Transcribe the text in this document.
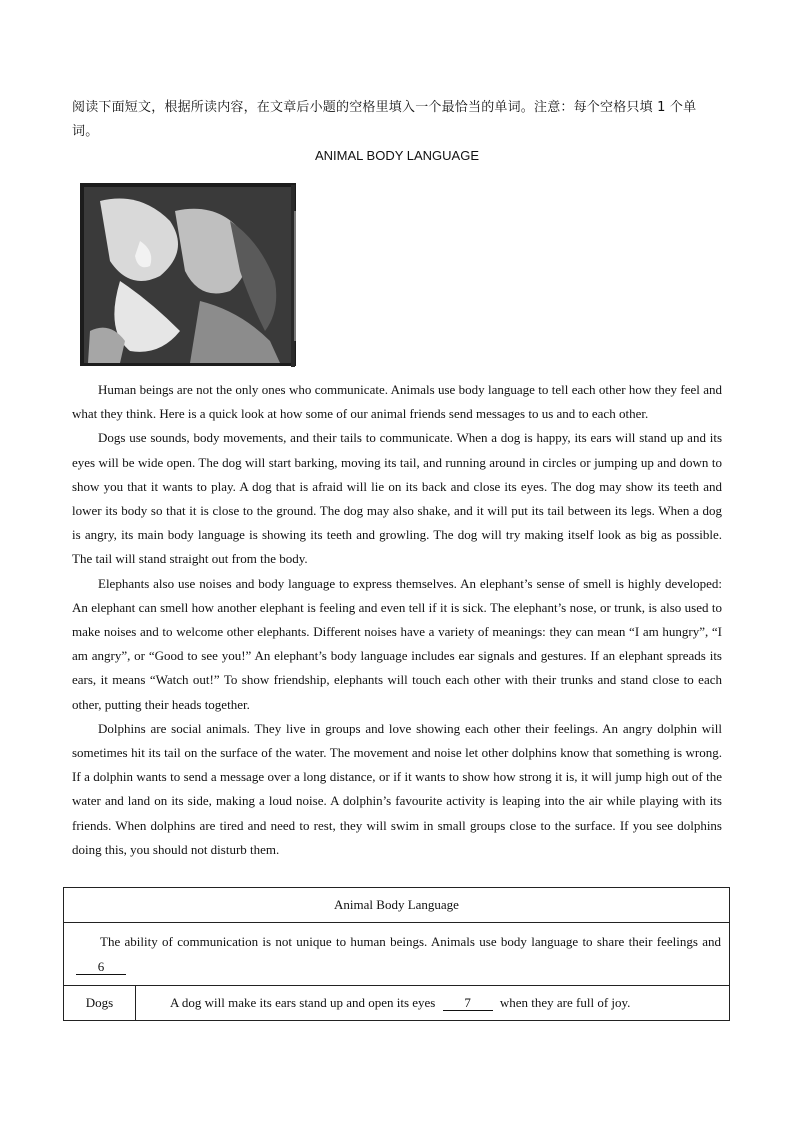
阅读下面短文，根据所读内容，在文章后小题的空格里填入一个最恰当的单词。注意：每个空格只填 1 个单词。
ANIMAL BODY LANGUAGE

Human beings are not the only ones who communicate. Animals use body language to tell each other how they feel and what they think. Here is a quick look at how some of our animal friends send messages to us and to each other.

Dogs use sounds, body movements, and their tails to communicate. When a dog is happy, its ears will stand up and its eyes will be wide open. The dog will start barking, moving its tail, and running around in circles or jumping up and down to show you that it wants to play. A dog that is afraid will lie on its back and close its eyes. The dog may show its teeth and lower its body so that it is close to the ground. The dog may also shake, and it will put its tail between its legs. When a dog is angry, its main body language is showing its teeth and growling. The dog will try making itself look as big as possible. The tail will stand straight out from the body.

Elephants also use noises and body language to express themselves. An elephant’s sense of smell is highly developed: An elephant can smell how another elephant is feeling and even tell if it is sick. The elephant’s nose, or trunk, is also used to make noises and to welcome other elephants. Different noises have a variety of meanings: they can mean “I am hungry”, “I am angry”, or “Good to see you!” An elephant’s body language includes ear signals and gestures. If an elephant spreads its ears, it means “Watch out!” To show friendship, elephants will touch each other with their trunks and stand close to each other, putting their heads together.

Dolphins are social animals. They live in groups and love showing each other their feelings. An angry dolphin will sometimes hit its tail on the surface of the water. The movement and noise let other dolphins know that something is wrong. If a dolphin wants to send a message over a long distance, or if it wants to show how strong it is, it will jump high out of the water and land on its side, making a loud noise. A dolphin’s favourite activity is leaping into the air while playing with its friends. When dolphins are tired and need to rest, they will swim in small groups close to the surface. If you see dolphins doing this, you should not disturb them.

Animal Body Language
The ability of communication is not unique to human beings. Animals use body language to share their feelings and 6
Dogs	A dog will make its ears stand up and open its eyes 7 when they are full of joy.
